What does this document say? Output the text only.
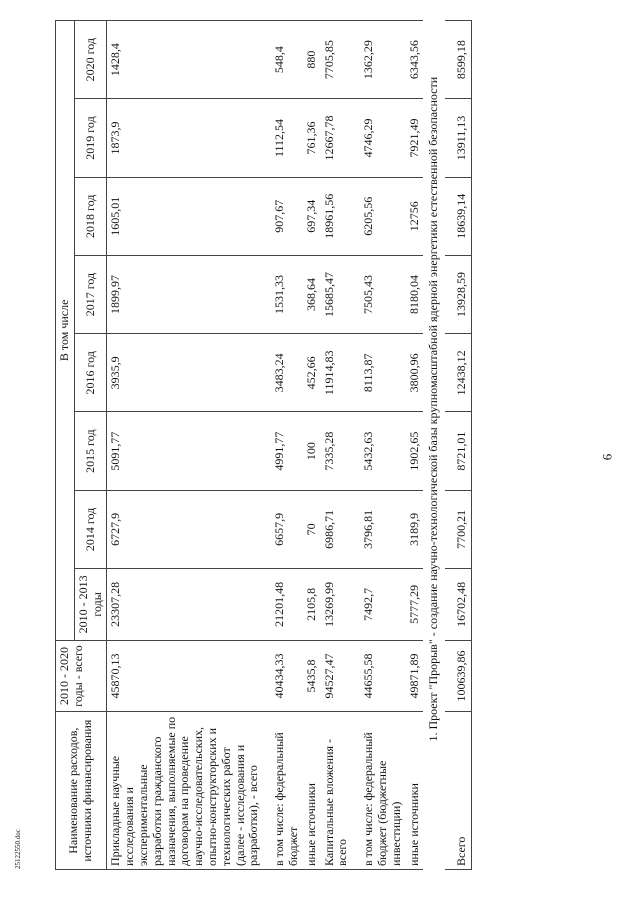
6
25122550.doc	Наименование расходов, источники финансирования	2010 - 2020 годы - всего	В том числе							
		2010 - 2013 годы	2014 год	2015 год	2016 год	2017 год	2018 год	2019 год	2020 год
Прикладные научные исследования и экспериментальные разработки гражданского назначения, выполняемые по договорам на проведение научно-исследовательских, опытно-конструкторских и технологических работ (далее - исследования и разработки), - всего	45870,13	23307,28	6727,9	5091,77	3935,9	1899,97	1605,01	1873,9	1428,4
в том числе: федеральный бюджет	40434,33	21201,48	6657,9	4991,77	3483,24	1531,33	907,67	1112,54	548,4
иные источники	5435,8	2105,8	70	100	452,66	368,64	697,34	761,36	880
Капитальные вложения - всего	94527,47	13269,99	6986,71	7335,28	11914,83	15685,47	18961,56	12667,78	7705,85
в том числе: федеральный бюджет (бюджетные инвестиции)	44655,58	7492,7	3796,81	5432,63	8113,87	7505,43	6205,56	4746,29	1362,29
иные источники	49871,89	5777,29	3189,9	1902,65	3800,96	8180,04	12756	7921,49	6343,56
1. Проект "Прорыв" - создание научно-технологической базы крупномасштабной ядерной энергетики естественной безопасности									
Всего	100639,86	16702,48	7700,21	8721,01	12438,12	13928,59	18639,14	13911,13	8599,18
